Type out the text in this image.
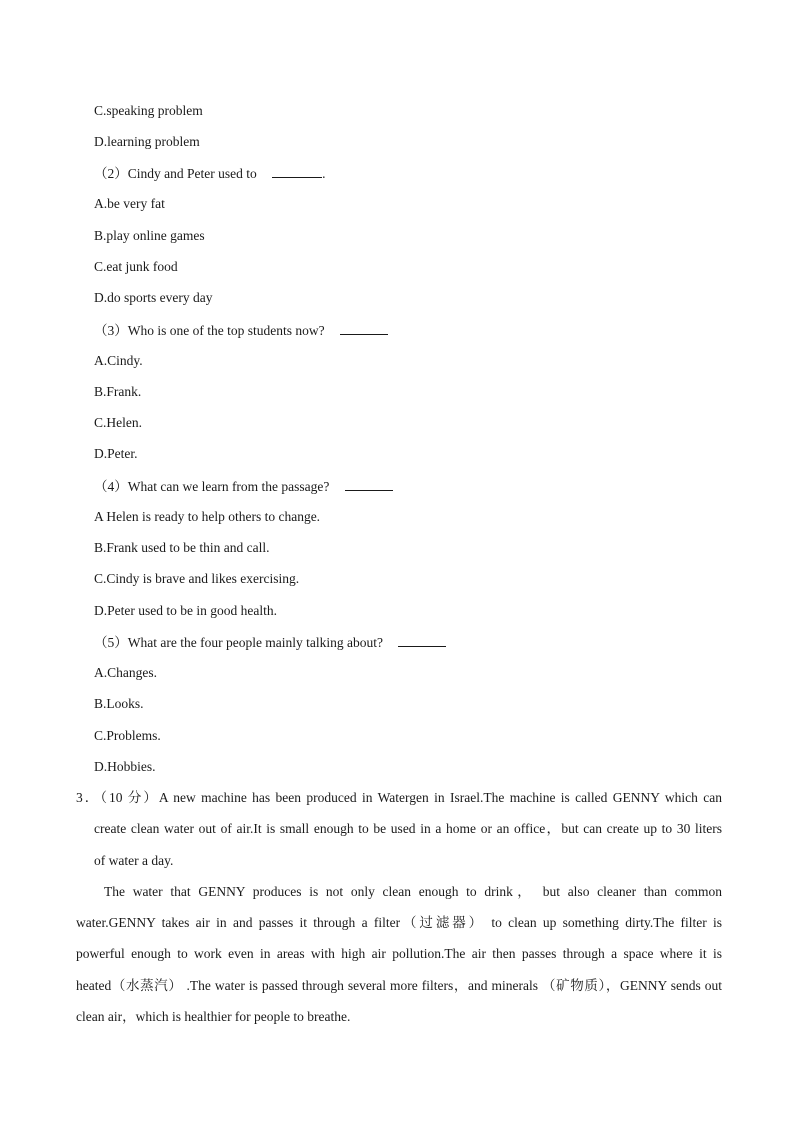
C.speaking problem
D.learning problem
（2）Cindy and Peter used to	.
A.be very fat
B.play online games
C.eat junk food
D.do sports every day
（3）Who is one of the top students now?
A.Cindy.
B.Frank.
C.Helen.
D.Peter.
（4）What can we learn from the passage?
A Helen is ready to help others to change.
B.Frank used to be thin and call.
C.Cindy is brave and likes exercising.
D.Peter used to be in good health.
（5）What are the four people mainly talking about?
A.Changes.
B.Looks.
C.Problems.
D.Hobbies.
3．（10 分）A new machine has been produced in Watergen in Israel.The machine is called GENNY which can
create clean water out of air.It is small enough to be used in a home or an office，but can create up to 30 liters
of water a day.
The water that GENNY produces is not only clean enough to drink， but also cleaner than common
water.GENNY takes air in and passes it through a filter（过滤器） to clean up something dirty.The filter is
powerful enough to work even in areas with high air pollution.The air then passes through a space where it is
heated（水蒸汽） .The water is passed through several more filters，and minerals （矿物质），GENNY sends out
clean air，which is healthier for people to breathe.
